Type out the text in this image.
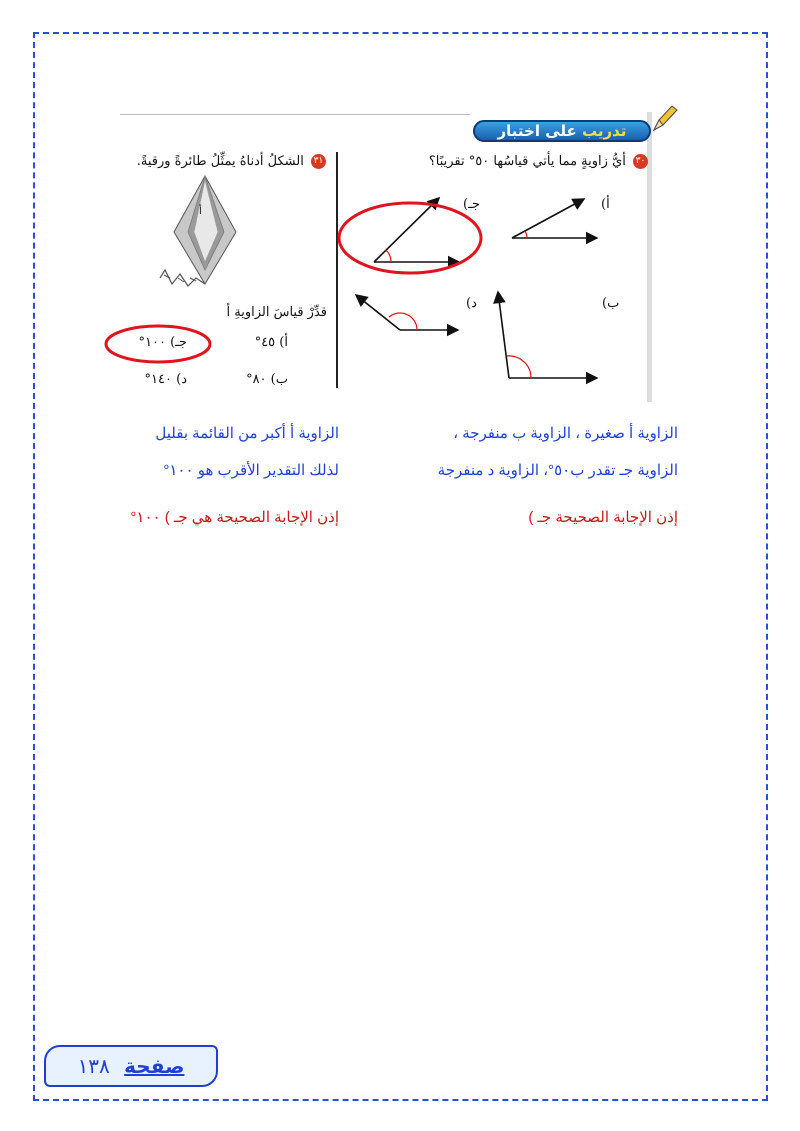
تدريب على اختبار
٣٠ أيُّ زاويةٍ مما يأتي قياسُها ٥٠° تقريبًا؟
أ)
جـ)
ب)
د)
٣١ الشكلُ أدناهُ يمثِّلُ طائرةً ورقيةً.
أ
قدِّرْ قياسَ الزاويةِ أ
أ) ٤٥°
جـ) ١٠٠°
ب) ٨٠°
د) ١٤٠°
الزاوية أ صغيرة ، الزاوية ب منفرجة ،
الزاوية جـ تقدر ب٥٠°، الزاوية د منفرجة
إذن الإجابة الصحيحة جـ )
الزاوية أ أكبر من القائمة بقليل
لذلك التقدير الأقرب هو ١٠٠°
إذن الإجابة الصحيحة هي جـ ) ١٠٠°
صفحة ١٣٨
